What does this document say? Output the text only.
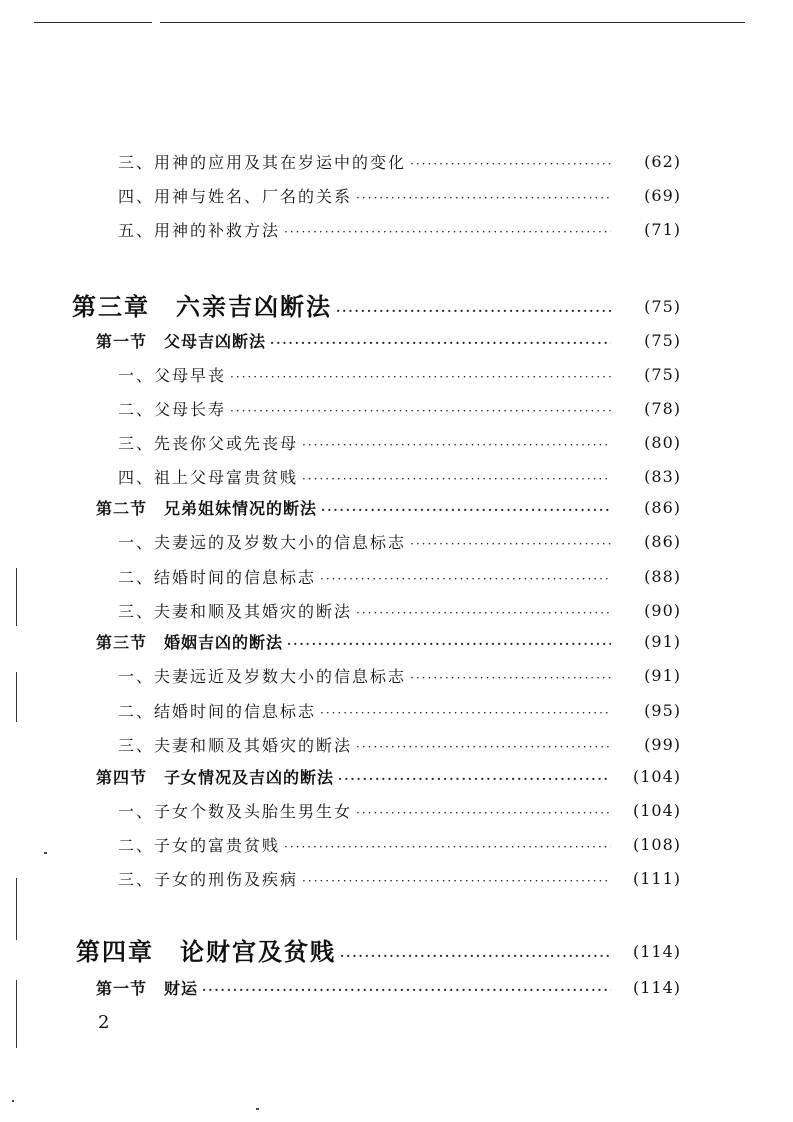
三、用神的应用及其在岁运中的变化 ·····	(62)
四、用神与姓名、厂名的关系 ·····	(69)
五、用神的补救方法 ·····	(71)
第三章　六亲吉凶断法 ·····	(75)
第一节　父母吉凶断法 ·····	(75)
一、父母早丧 ·····	(75)
二、父母长寿 ·····	(78)
三、先丧你父或先丧母 ·····	(80)
四、祖上父母富贵贫贱 ·····	(83)
第二节　兄弟姐妹情况的断法 ·····	(86)
一、夫妻远的及岁数大小的信息标志 ·····	(86)
二、结婚时间的信息标志 ·····	(88)
三、夫妻和顺及其婚灾的断法 ·····	(90)
第三节　婚姻吉凶的断法 ·····	(91)
一、夫妻远近及岁数大小的信息标志 ·····	(91)
二、结婚时间的信息标志 ·····	(95)
三、夫妻和顺及其婚灾的断法 ·····	(99)
第四节　子女情况及吉凶的断法 ·····	(104)
一、子女个数及头胎生男生女 ·····	(104)
二、子女的富贵贫贱 ·····	(108)
三、子女的刑伤及疾病 ·····	(111)
第四章　论财宫及贫贱 ·····	(114)
第一节　财运 ·····	(114)
2
